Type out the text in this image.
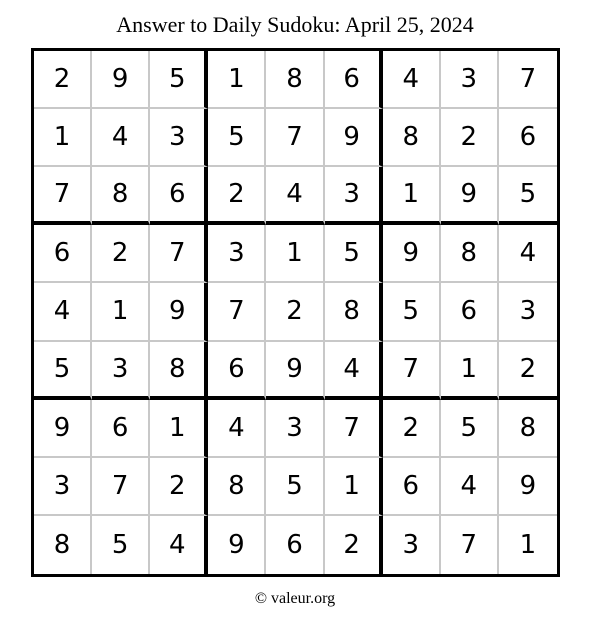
Answer to Daily Sudoku: April 25, 2024
2	9	5	1	8	6	4	3	7
1	4	3	5	7	9	8	2	6
7	8	6	2	4	3	1	9	5
6	2	7	3	1	5	9	8	4
4	1	9	7	2	8	5	6	3
5	3	8	6	9	4	7	1	2
9	6	1	4	3	7	2	5	8
3	7	2	8	5	1	6	4	9
8	5	4	9	6	2	3	7	1
© valeur.org
